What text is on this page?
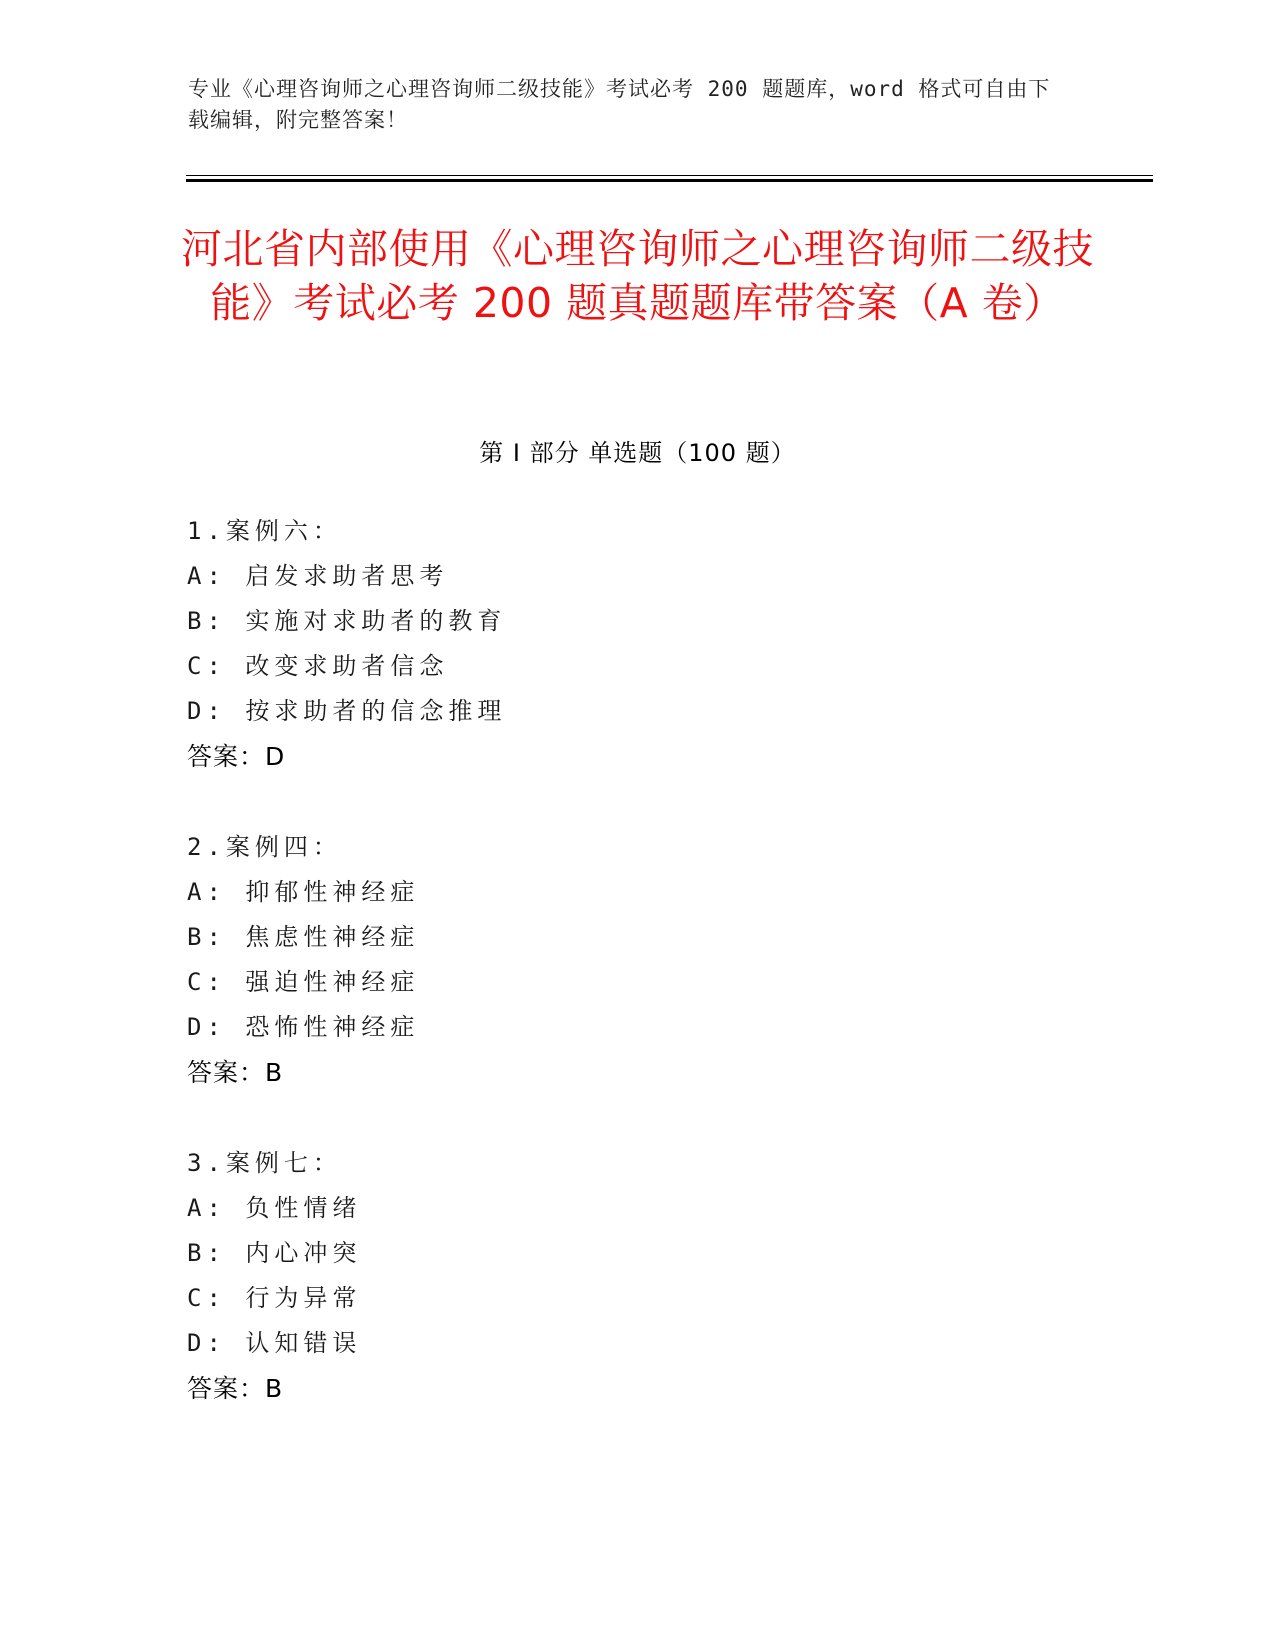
专业《心理咨询师之心理咨询师二级技能》考试必考 200 题题库，word 格式可自由下载编辑，附完整答案！
河北省内部使用《心理咨询师之心理咨询师二级技能》考试必考 200 题真题题库带答案（A 卷）
第 I 部分 单选题（100 题）
1.案例六：
A: 启发求助者思考
B: 实施对求助者的教育
C: 改变求助者信念
D: 按求助者的信念推理
答案：D
2.案例四：
A: 抑郁性神经症
B: 焦虑性神经症
C: 强迫性神经症
D: 恐怖性神经症
答案：B
3.案例七：
A: 负性情绪
B: 内心冲突
C: 行为异常
D: 认知错误
答案：B
